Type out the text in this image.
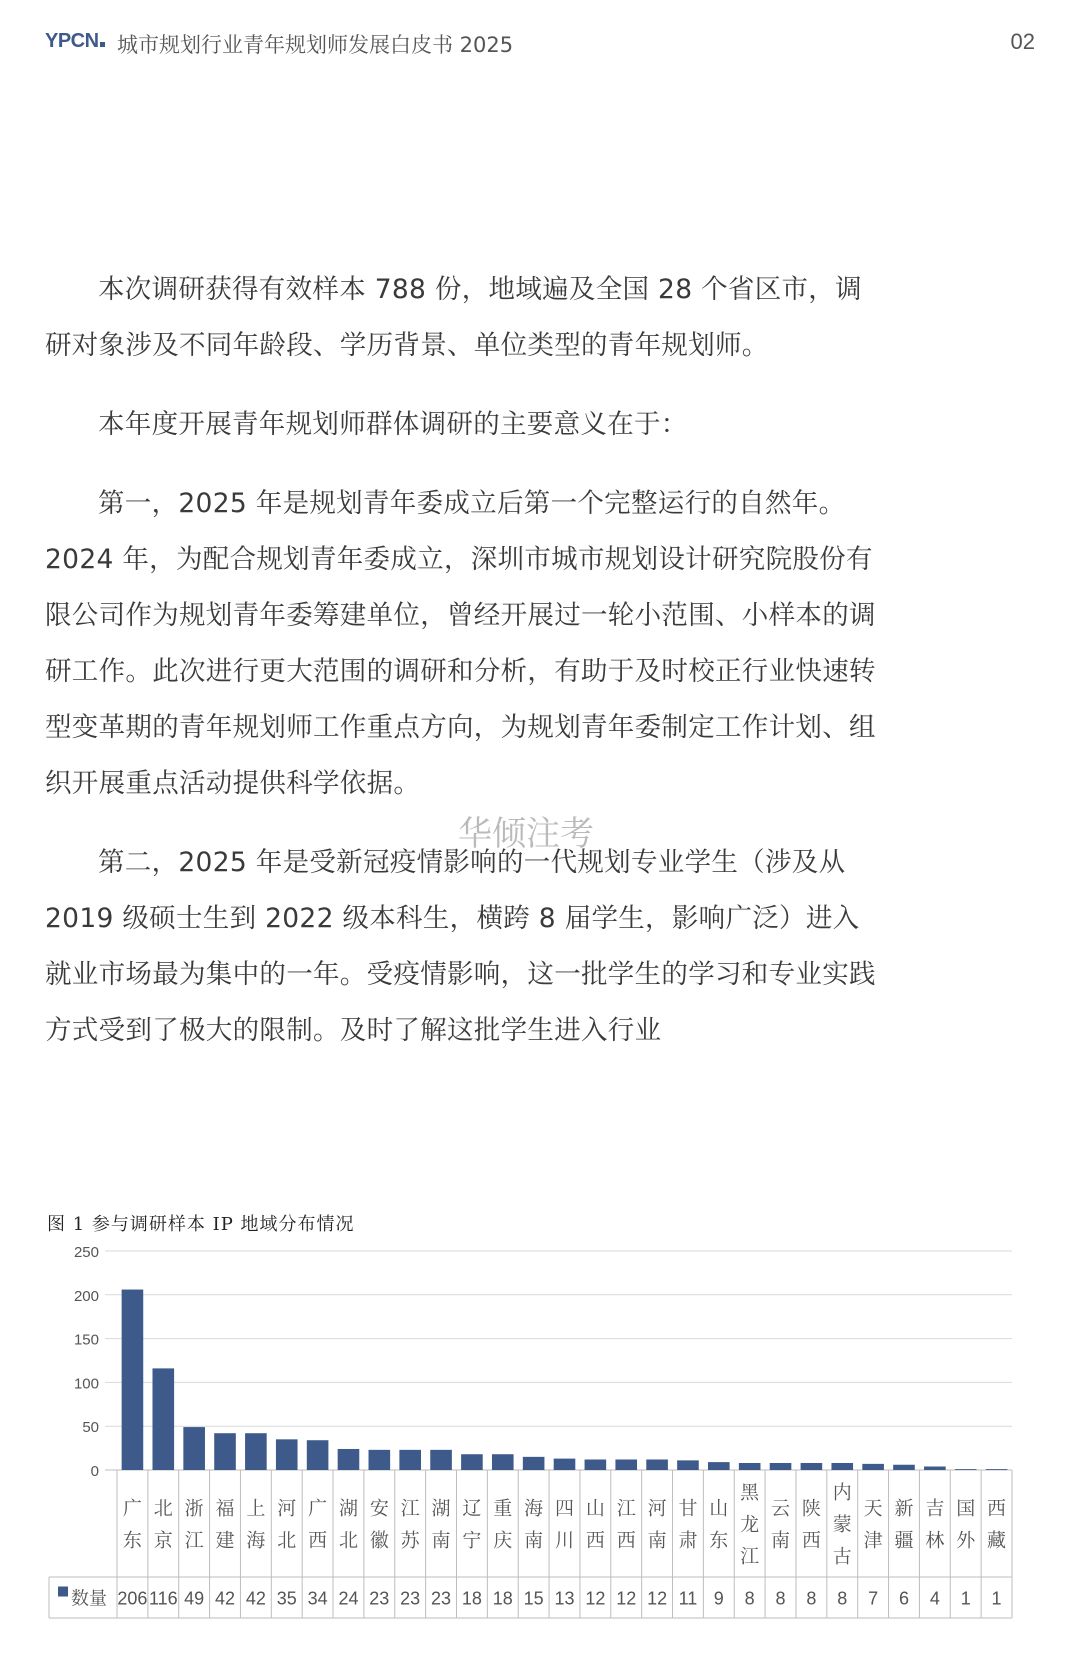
YPCN 城市规划行业青年规划师发展白皮书 2025	02

本次调研获得有效样本 788 份，地域遍及全国 28 个省区市，调研对象涉及不同年龄段、学历背景、单位类型的青年规划师。

本年度开展青年规划师群体调研的主要意义在于：

第一，2025 年是规划青年委成立后第一个完整运行的自然年。2024 年，为配合规划青年委成立，深圳市城市规划设计研究院股份有限公司作为规划青年委筹建单位，曾经开展过一轮小范围、小样本的调研工作。此次进行更大范围的调研和分析，有助于及时校正行业快速转型变革期的青年规划师工作重点方向，为规划青年委制定工作计划、组织开展重点活动提供科学依据。

第二，2025 年是受新冠疫情影响的一代规划专业学生（涉及从 2019 级硕士生到 2022 级本科生，横跨 8 届学生，影响广泛）进入就业市场最为集中的一年。受疫情影响，这一批学生的学习和专业实践方式受到了极大的限制。及时了解这批学生进入行业

华倾注考
图 1 参与调研样本 IP 地域分布情况
0
50
100
150
200
250
广
东
206
北
京
116
浙
江
49
福
建
42
上
海
42
河
北
35
广
西
34
湖
北
24
安
徽
23
江
苏
23
湖
南
23
辽
宁
18
重
庆
18
海
南
15
四
川
13
山
西
12
江
西
12
河
南
12
甘
肃
11
山
东
9
黑
龙
江
8
云
南
8
陕
西
8
内
蒙
古
8
天
津
7
新
疆
6
吉
林
4
国
外
1
西
藏
1
数量
